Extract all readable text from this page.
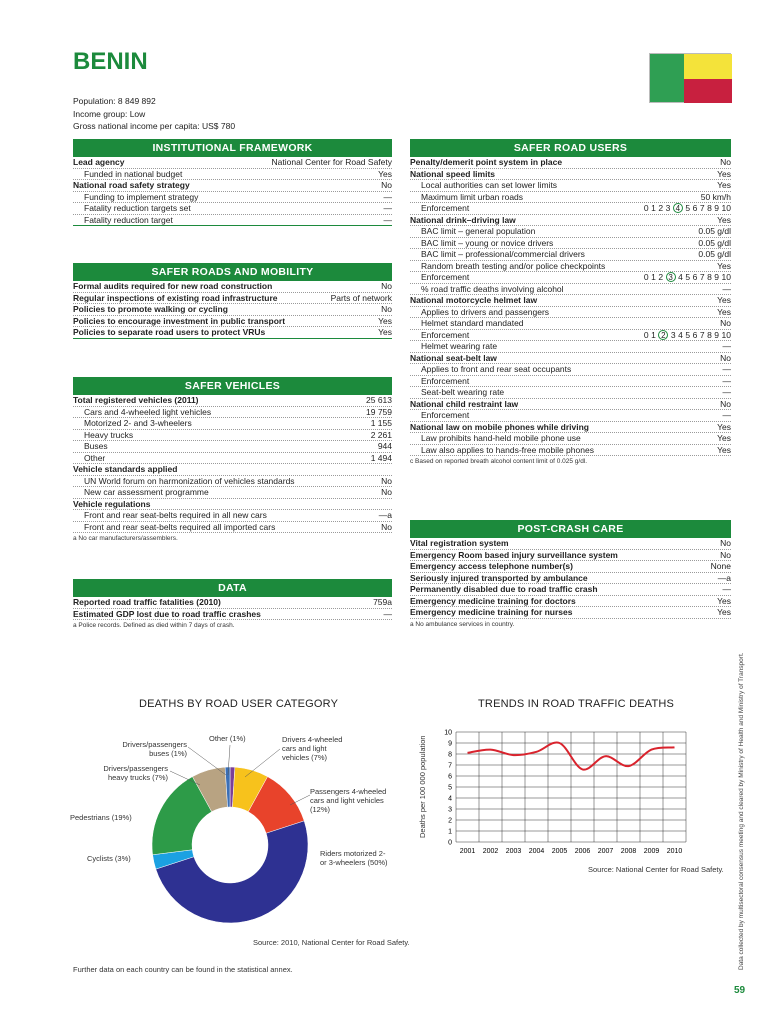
BENIN
Population: 8 849 892
Income group: Low
Gross national income per capita: US$ 780
INSTITUTIONAL FRAMEWORK
Lead agency	National Center for Road Safety
Funded in national budget	Yes
National road safety strategy	No
Funding to implement strategy	—
Fatality reduction targets set	—
Fatality reduction target	—
SAFER ROADS AND MOBILITY
Formal audits required for new road construction	No
Regular inspections of existing road infrastructure	Parts of network
Policies to promote walking or cycling	No
Policies to encourage investment in public transport	Yes
Policies to separate road users to protect VRUs	Yes
SAFER VEHICLES
Total registered vehicles (2011)	25 613
Cars and 4-wheeled light vehicles	19 759
Motorized 2- and 3-wheelers	1 155
Heavy trucks	2 261
Buses	944
Other	1 494
Vehicle standards applied
UN World forum on harmonization of vehicles standards	No
New car assessment programme	No
Vehicle regulations
Front and rear seat-belts required in all new cars	—a
Front and rear seat-belts required all imported cars	No
a No car manufacturers/assemblers.
DATA
Reported road traffic fatalities (2010)	759a
Estimated GDP lost due to road traffic crashes	—
a Police records. Defined as died within 7 days of crash.
SAFER ROAD USERS
Penalty/demerit point system in place	No
National speed limits	Yes
Local authorities can set lower limits	Yes
Maximum limit urban roads	50 km/h
Enforcement	0 1 2 3 4 5 6 7 8 9 10
National drink–driving law	Yes
BAC limit – general population	0.05 g/dl
BAC limit – young or novice drivers	0.05 g/dl
BAC limit – professional/commercial drivers	0.05 g/dl
Random breath testing and/or police checkpoints	Yes
Enforcement	0 1 2 3 4 5 6 7 8 9 10
% road traffic deaths involving alcohol	—
National motorcycle helmet law	Yes
Applies to drivers and passengers	Yes
Helmet standard mandated	No
Enforcement	0 1 2 3 4 5 6 7 8 9 10
Helmet wearing rate	—
National seat-belt law	No
Applies to front and rear seat occupants	—
Enforcement	—
Seat-belt wearing rate	—
National child restraint law	No
Enforcement	—
National law on mobile phones while driving	Yes
Law prohibits hand-held mobile phone use	Yes
Law also applies to hands-free mobile phones	Yes
c Based on reported breath alcohol content limit of 0.025 g/dl.
POST-CRASH CARE
Vital registration system	No
Emergency Room based injury surveillance system	No
Emergency access telephone number(s)	None
Seriously injured transported by ambulance	—a
Permanently disabled due to road traffic crash	—
Emergency medicine training for doctors	Yes
Emergency medicine training for nurses	Yes
a No ambulance services in country.
DEATHS BY ROAD USER CATEGORY
Other (1%)
Drivers/passengers buses (1%)
Drivers/passengers heavy trucks (7%)
Drivers 4-wheeled cars and light vehicles (7%)
Passengers 4-wheeled cars and light vehicles (12%)
Riders motorized 2- or 3-wheelers (50%)
Cyclists (3%)
Pedestrians (19%)
Source: 2010, National Center for Road Safety.
TRENDS IN ROAD TRAFFIC DEATHS
Deaths per 100 000 population
0
1
2
3
4
5
6
7
8
9
10
2001 2002 2003 2004 2005 2006 2007 2008 2009 2010
Source: National Center for Road Safety.
Further data on each country can be found in the statistical annex.	Data collected by multisectoral consensus meeting and cleared by Ministry of Health and Ministry of Transport.
59
